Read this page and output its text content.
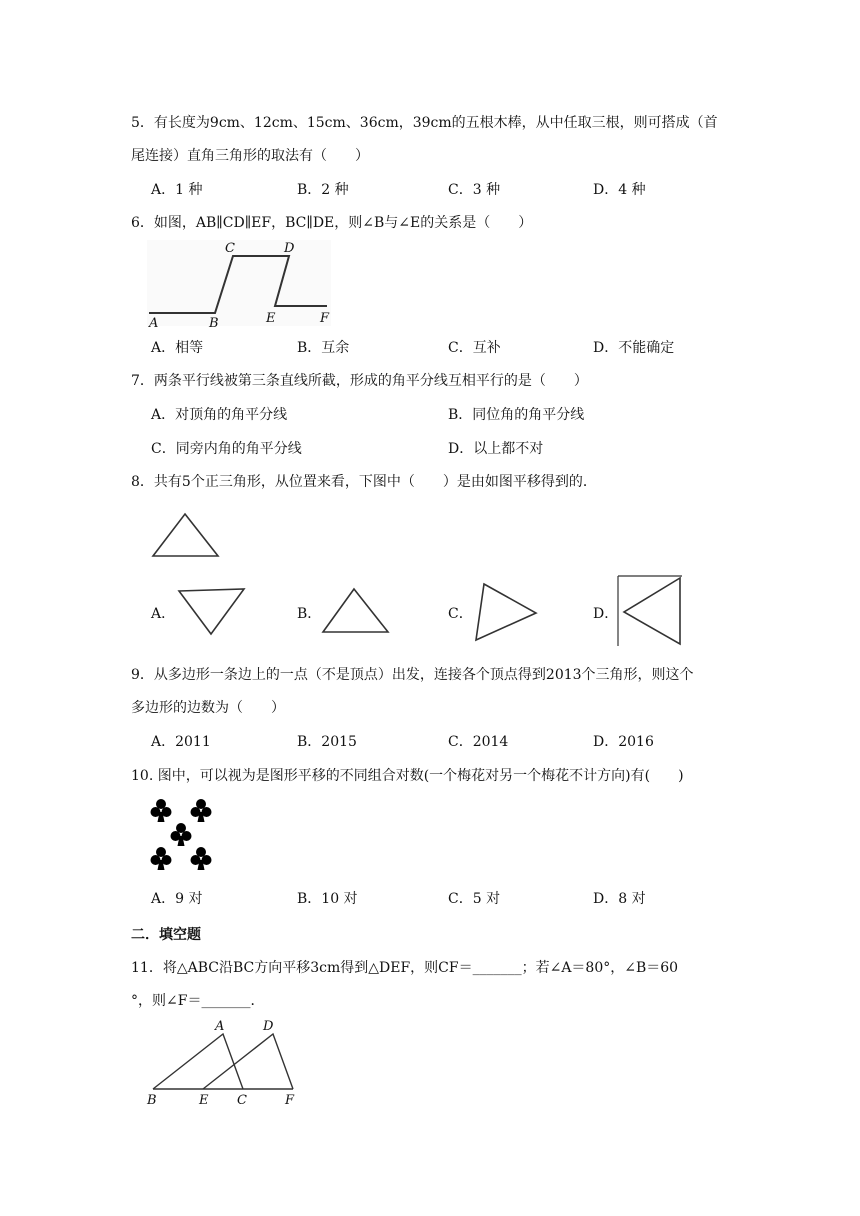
5．有长度为9cm、12cm、15cm、36cm，39cm的五根木棒，从中任取三根，则可搭成（首
尾连接）直角三角形的取法有（　　）
A．1 种	B．2 种	C．3 种	D．4 种
6．如图，AB∥CD∥EF，BC∥DE，则∠B与∠E的关系是（　　）
A	B
C	D
E	F
A．相等	B．互余	C．互补	D．不能确定
7．两条平行线被第三条直线所截，形成的角平分线互相平行的是（　　）
A．对顶角的角平分线	B．同位角的角平分线
C．同旁内角的角平分线	D．以上都不对
8．共有5个正三角形，从位置来看，下图中（　　）是由如图平移得到的．
A．	B．	C．	D．
9．从多边形一条边上的一点（不是顶点）出发，连接各个顶点得到2013个三角形，则这个
多边形的边数为（　　）
A．2011	B．2015	C．2014	D．2016
10. 图中，可以视为是图形平移的不同组合对数(一个梅花对另一个梅花不计方向)有(　　)
A．9 对	B．10 对	C．5 对	D．8 对
二．填空题
11．将△ABC沿BC方向平移3cm得到△DEF，则CF＝_______；若∠A＝80°，∠B＝60
°，则∠F＝_______．
A	D
B	E C	F
